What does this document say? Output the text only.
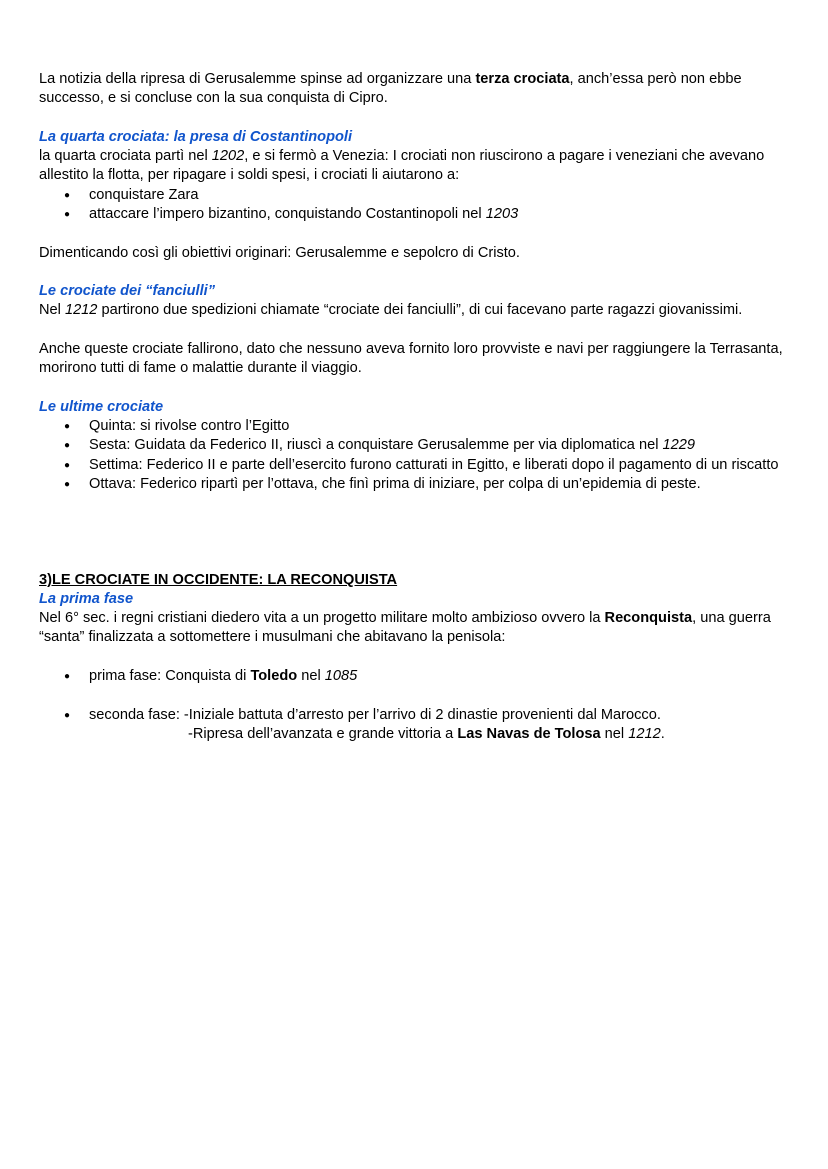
La notizia della ripresa di Gerusalemme spinse ad organizzare una terza crociata, anch’essa però non ebbe successo, e si concluse con la sua conquista di Cipro.

La quarta crociata: la presa di Costantinopoli

la quarta crociata partì nel 1202, e si fermò a Venezia: I crociati non riuscirono a pagare i veneziani che avevano allestito la flotta, per ripagare i soldi spesi, i crociati li aiutarono a:

● conquistare Zara
● attaccare l’impero bizantino, conquistando Costantinopoli nel 1203

Dimenticando così gli obiettivi originari: Gerusalemme e sepolcro di Cristo.

Le crociate dei “fanciulli”

Nel 1212 partirono due spedizioni chiamate “crociate dei fanciulli”, di cui facevano parte ragazzi giovanissimi.

Anche queste crociate fallirono, dato che nessuno aveva fornito loro provviste e navi per raggiungere la Terrasanta, morirono tutti di fame o malattie durante il viaggio.

Le ultime crociate

● Quinta: si rivolse contro l’Egitto
● Sesta: Guidata da Federico II, riuscì a conquistare Gerusalemme per via diplomatica nel 1229
● Settima: Federico II e parte dell’esercito furono catturati in Egitto, e liberati dopo il pagamento di un riscatto
● Ottava: Federico ripartì per l’ottava, che finì prima di iniziare, per colpa di un’epidemia di peste.

3)LE CROCIATE IN OCCIDENTE: LA RECONQUISTA

La prima fase

Nel 6° sec. i regni cristiani diedero vita a un progetto militare molto ambizioso ovvero la Reconquista, una guerra “santa” finalizzata a sottomettere i musulmani che abitavano la penisola:

● prima fase: Conquista di Toledo nel 1085
● seconda fase: -Iniziale battuta d’arresto per l’arrivo di 2 dinastie provenienti dal Marocco.
-Ripresa dell’avanzata e grande vittoria a Las Navas de Tolosa nel 1212.
